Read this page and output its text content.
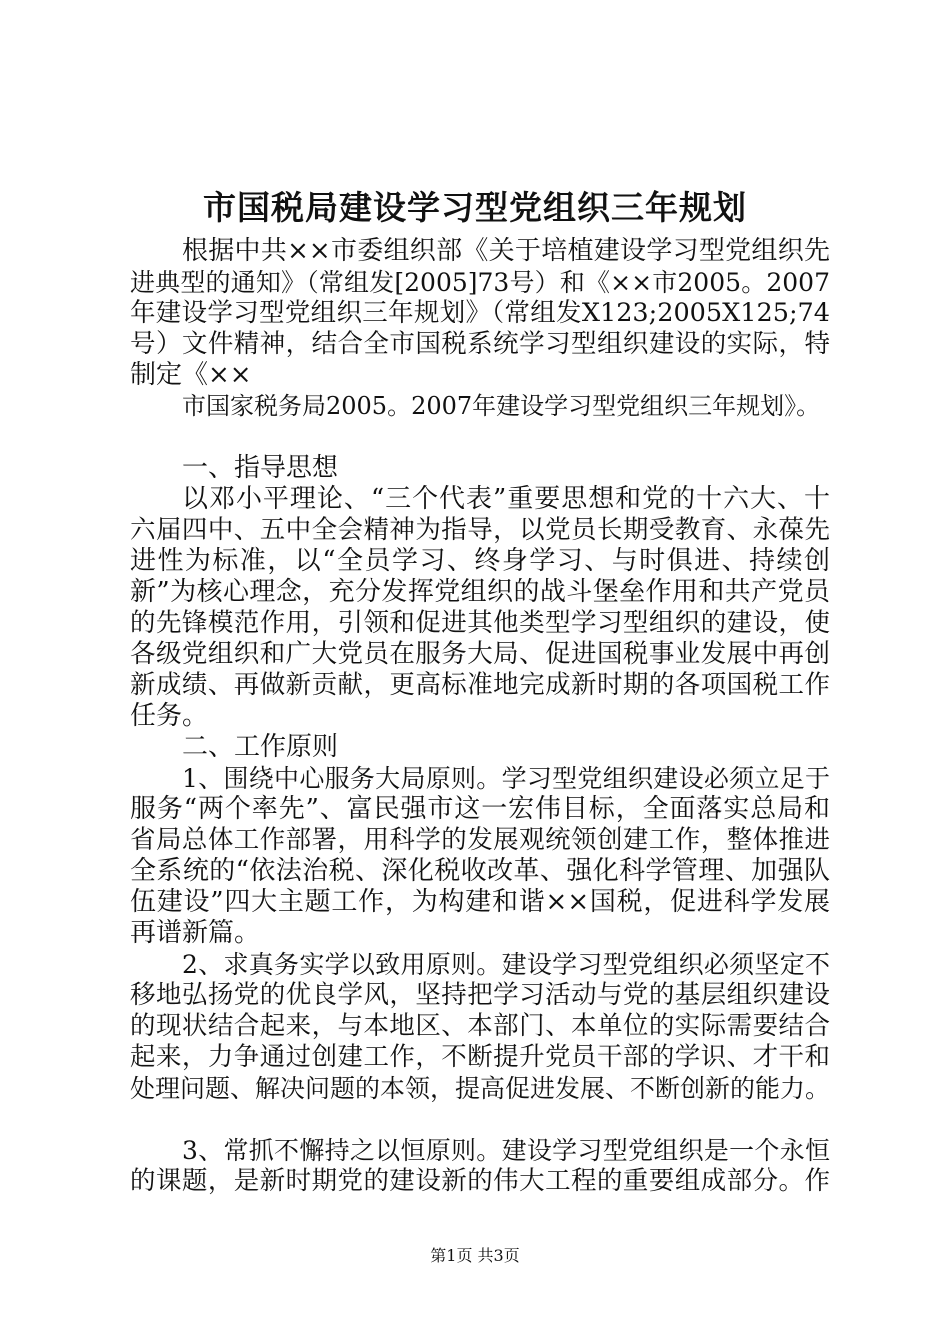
市国税局建设学习型党组织三年规划
根据中共××市委组织部《关于培植建设学习型党组织先
进典型的通知》（常组发[2005]73号）和《××市2005。2007
年建设学习型党组织三年规划》（常组发X123;2005X125;74
号）文件精神，结合全市国税系统学习型组织建设的实际，特
制定《××
市国家税务局2005。2007年建设学习型党组织三年规划》。
一、指导思想
以邓小平理论、“三个代表”重要思想和党的十六大、十
六届四中、五中全会精神为指导，以党员长期受教育、永葆先
进性为标准，以“全员学习、终身学习、与时俱进、持续创
新”为核心理念，充分发挥党组织的战斗堡垒作用和共产党员
的先锋模范作用，引领和促进其他类型学习型组织的建设，使
各级党组织和广大党员在服务大局、促进国税事业发展中再创
新成绩、再做新贡献，更高标准地完成新时期的各项国税工作
任务。
二、工作原则
1、围绕中心服务大局原则。学习型党组织建设必须立足于
服务“两个率先”、富民强市这一宏伟目标，全面落实总局和
省局总体工作部署，用科学的发展观统领创建工作，整体推进
全系统的“依法治税、深化税收改革、强化科学管理、加强队
伍建设”四大主题工作，为构建和谐××国税，促进科学发展
再谱新篇。
2、求真务实学以致用原则。建设学习型党组织必须坚定不
移地弘扬党的优良学风，坚持把学习活动与党的基层组织建设
的现状结合起来，与本地区、本部门、本单位的实际需要结合
起来，力争通过创建工作，不断提升党员干部的学识、才干和
处理问题、解决问题的本领，提高促进发展、不断创新的能力。
3、常抓不懈持之以恒原则。建设学习型党组织是一个永恒
的课题，是新时期党的建设新的伟大工程的重要组成部分。作
第1页 共3页
